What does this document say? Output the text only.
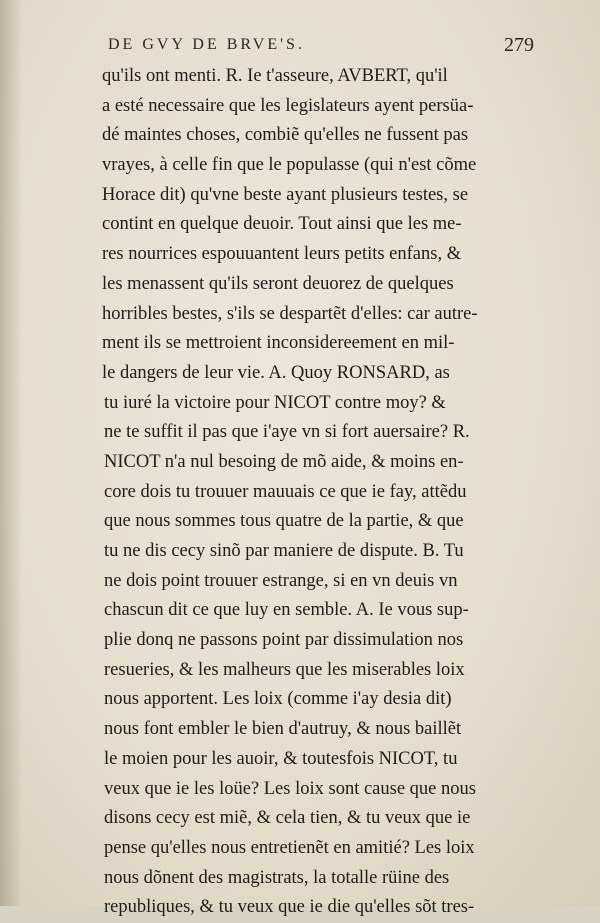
DE GVY DE BRVE'S.	279
qu'ils ont menti. R. Ie t'asseure, AVBERT, qu'il
a esté necessaire que les legislateurs ayent persüa-
dé maintes choses, combiẽ qu'elles ne fussent pas
vrayes, à celle fin que le populasse (qui n'est cõme
Horace dit) qu'vne beste ayant plusieurs testes, se
contint en quelque deuoir. Tout ainsi que les me-
res nourrices espouuantent leurs petits enfans, &
les menassent qu'ils seront deuorez de quelques
horribles bestes, s'ils se despartẽt d'elles: car autre-
ment ils se mettroient inconsidereement en mil-
le dangers de leur vie. A. Quoy RONSARD, as
tu iuré la victoire pour NICOT contre moy? &
ne te suffit il pas que i'aye vn si fort auersaire? R.
NICOT n'a nul besoing de mõ aide, & moins en-
core dois tu trouuer mauuais ce que ie fay, attẽdu
que nous sommes tous quatre de la partie, & que
tu ne dis cecy sinõ par maniere de dispute. B. Tu
ne dois point trouuer estrange, si en vn deuis vn
chascun dit ce que luy en semble. A. Ie vous sup-
plie donq ne passons point par dissimulation nos
resueries, & les malheurs que les miserables loix
nous apportent. Les loix (comme i'ay desia dit)
nous font embler le bien d'autruy, & nous baillẽt
le moien pour les auoir, & toutesfois NICOT, tu
veux que ie les loüe? Les loix sont cause que nous
disons cecy est miẽ, & cela tien, & tu veux que ie
pense qu'elles nous entretienẽt en amitié? Les loix
nous dõnent des magistrats, la totalle rüine des
republiques, & tu veux que ie die qu'elles sõt tres-
